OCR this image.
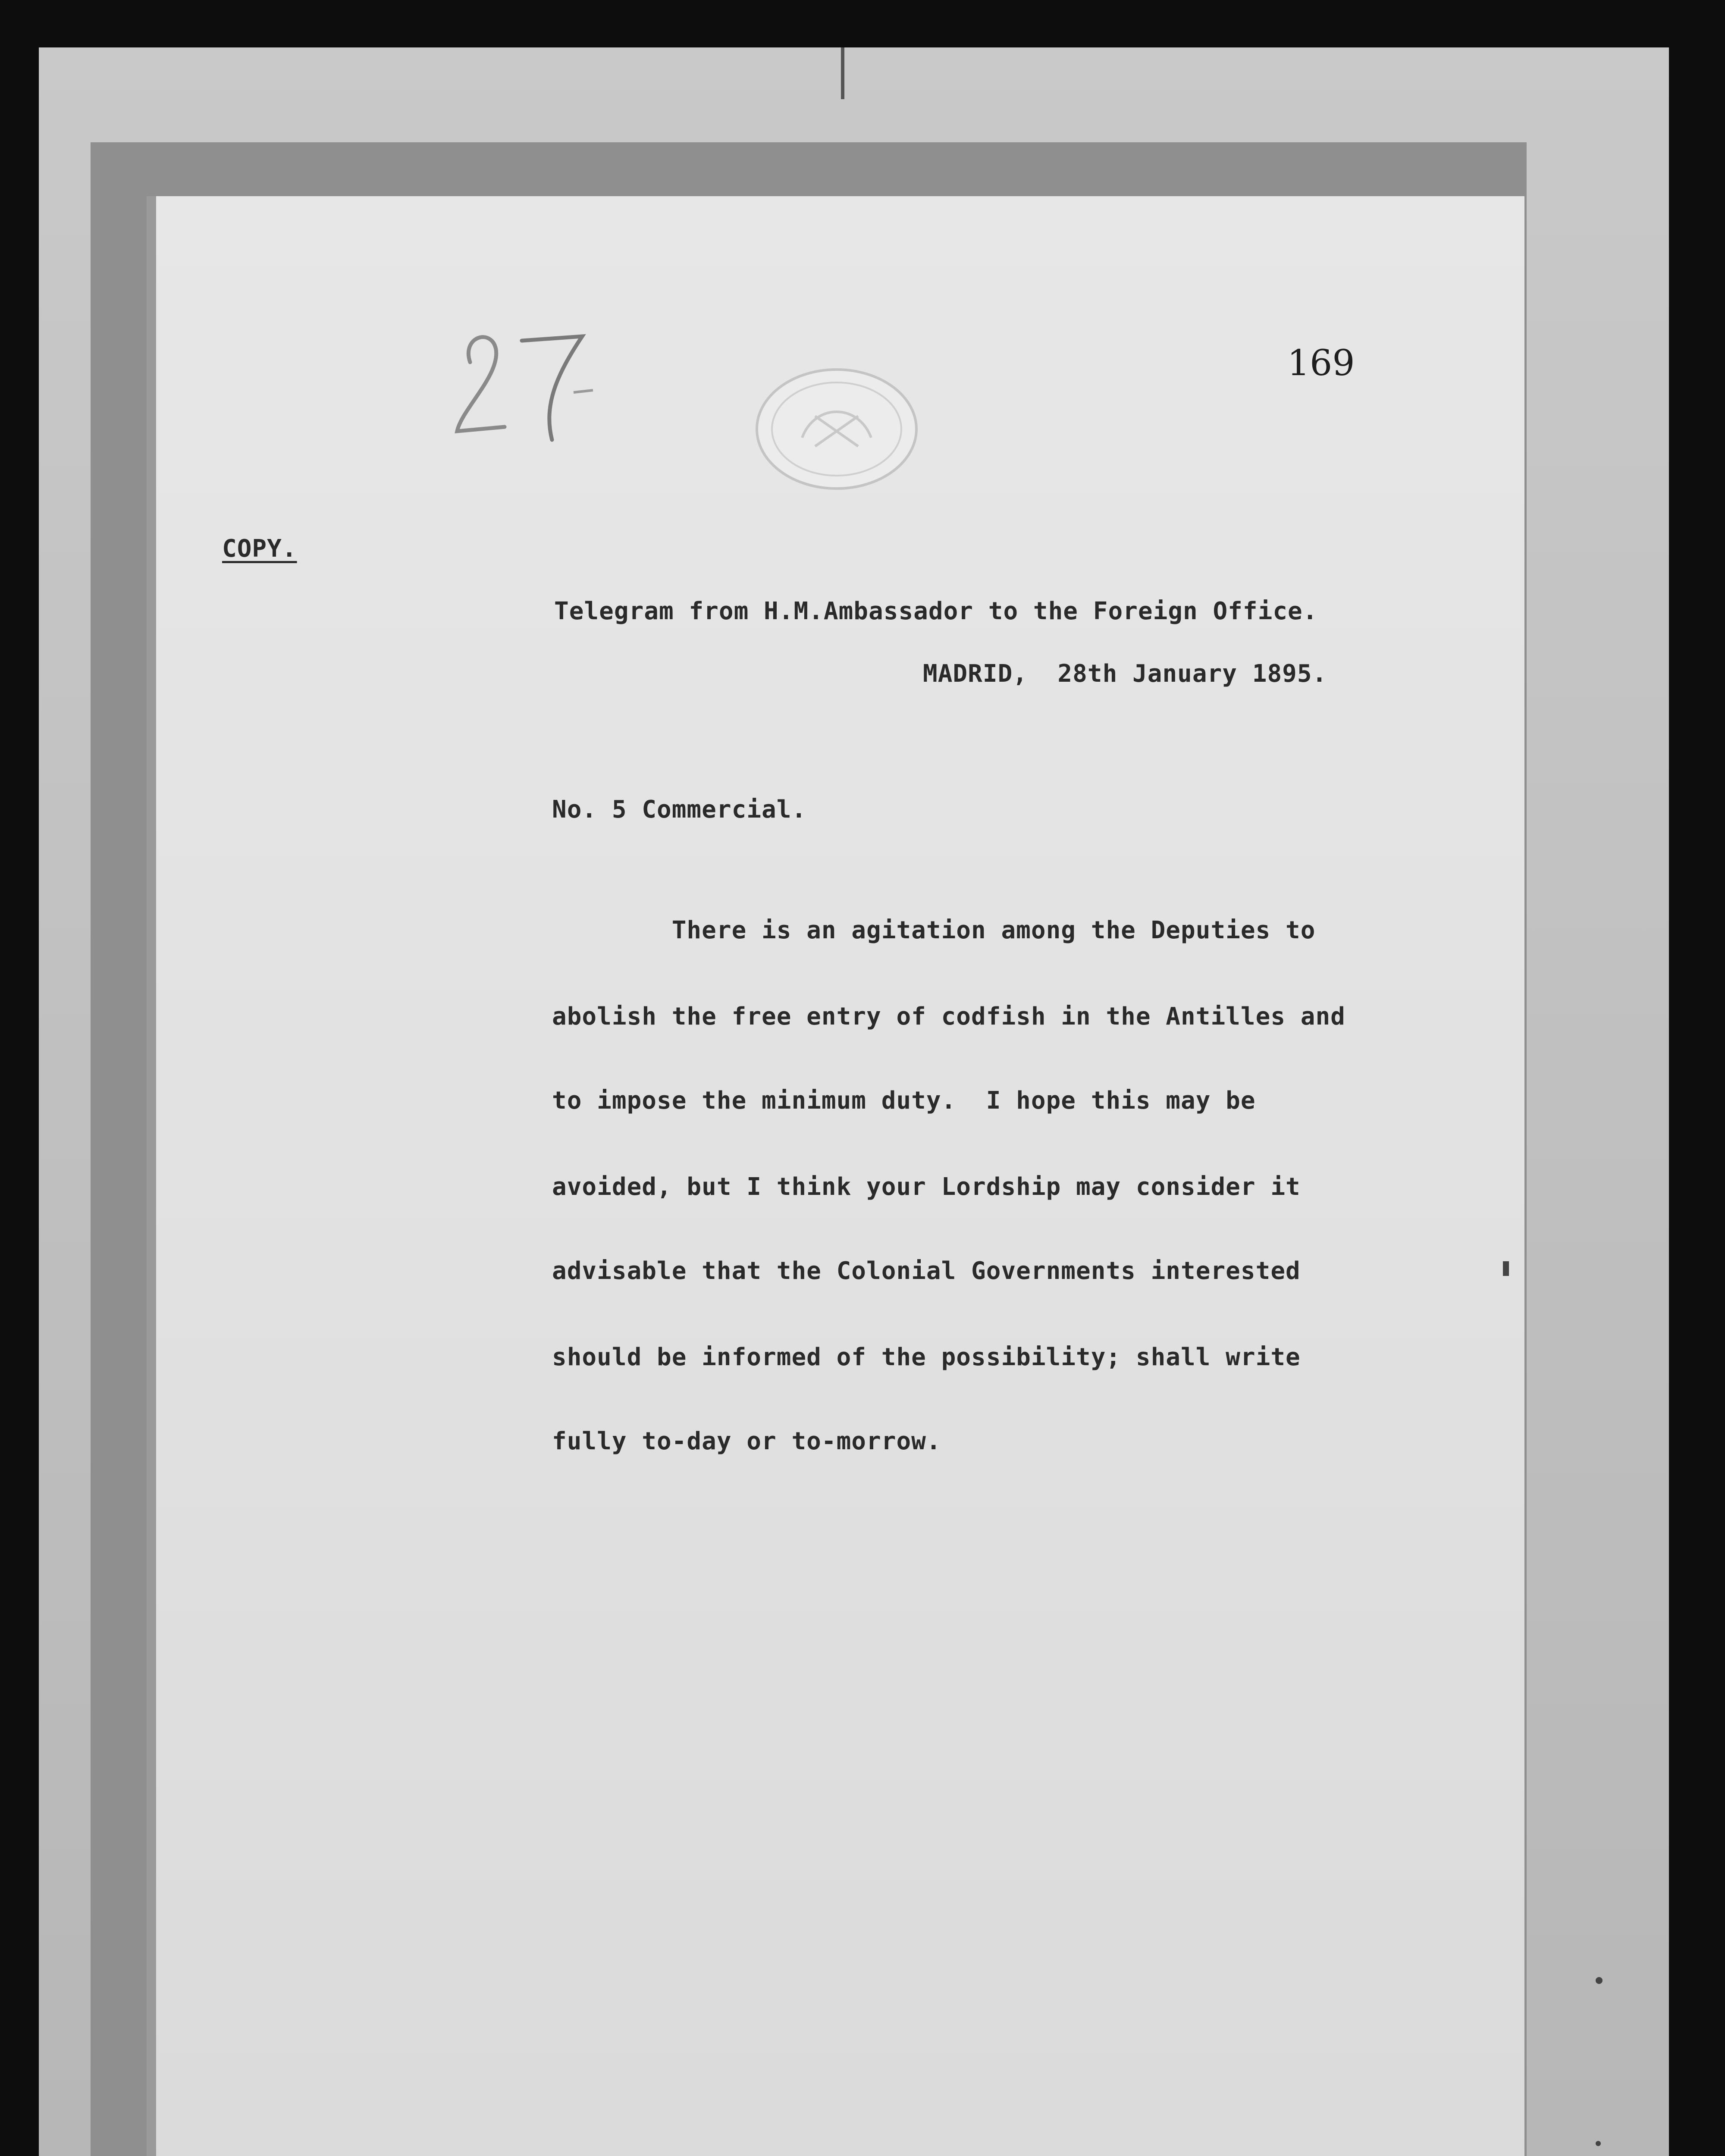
169
COPY.
Telegram from H.M.Ambassador to the Foreign Office.
MADRID,  28th January 1895.
No. 5 Commercial.
There is an agitation among the Deputies to
abolish the free entry of codfish in the Antilles and
to impose the minimum duty.  I hope this may be
avoided, but I think your Lordship may consider it
advisable that the Colonial Governments interested
should be informed of the possibility; shall write
fully to-day or to-morrow.
